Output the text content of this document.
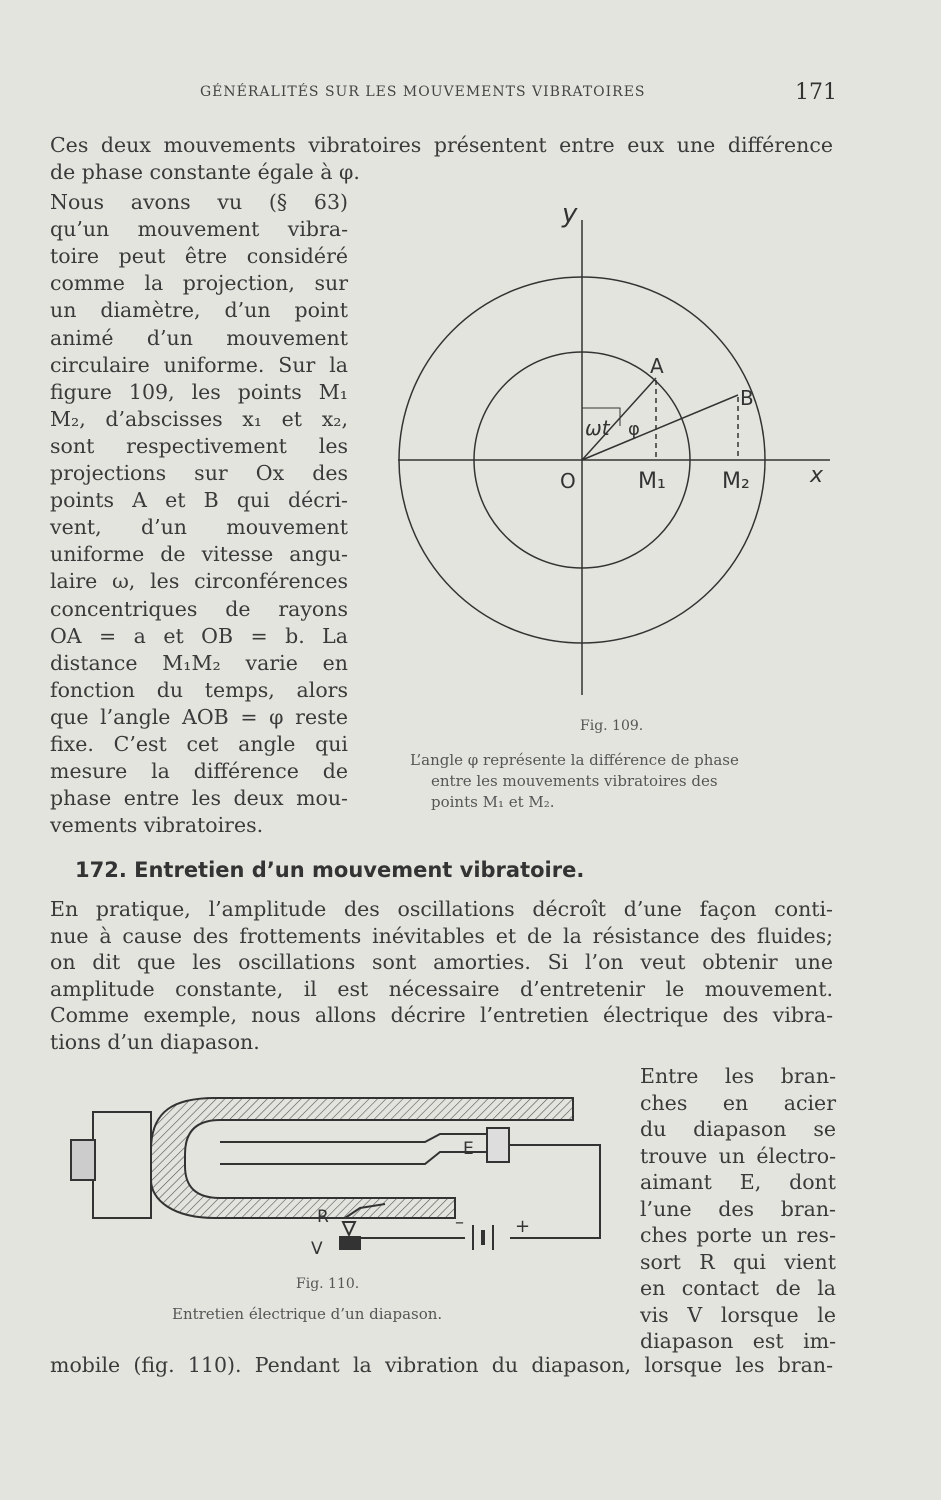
GÉNÉRALITÉS SUR LES MOUVEMENTS VIBRATOIRES	171
Ces deux mouvements vibratoires présentent entre eux une différence
de phase constante égale à φ.
Nous avons vu (§ 63)
qu’un mouvement vibra-
toire peut être considéré
comme la projection, sur
un diamètre, d’un point
animé d’un mouvement
circulaire uniforme. Sur la
figure 109, les points M₁
M₂, d’abscisses x₁ et x₂,
sont respectivement les
projections sur Ox des
points A et B qui décri-
vent, d’un mouvement
uniforme de vitesse angu-
laire ω, les circonférences
concentriques de rayons
OA = a et OB = b. La
distance M₁M₂ varie en
fonction du temps, alors
que l’angle AOB = φ reste
fixe. C’est cet angle qui
mesure la différence de
phase entre les deux mou-
vements vibratoires.
y
x
O
A
B
M₁	M₂
ωt φ
Fig. 109.
L’angle φ représente la différence de phase
entre les mouvements vibratoires des
points M₁ et M₂.
172. Entretien d’un mouvement vibratoire.
En pratique, l’amplitude des oscillations décroît d’une façon conti-
nue à cause des frottements inévitables et de la résistance des fluides;
on dit que les oscillations sont amorties. Si l’on veut obtenir une
amplitude constante, il est nécessaire d’entretenir le mouvement.
Comme exemple, nous allons décrire l’entretien électrique des vibra-
tions d’un diapason.
E
R
V
–	+
Fig. 110.
Entretien électrique d’un diapason.
Entre les bran-
ches en acier
du diapason se
trouve un électro-
aimant E, dont
l’une des bran-
ches porte un res-
sort R qui vient
en contact de la
vis V lorsque le
diapason est im-
mobile (fig. 110). Pendant la vibration du diapason, lorsque les bran-
